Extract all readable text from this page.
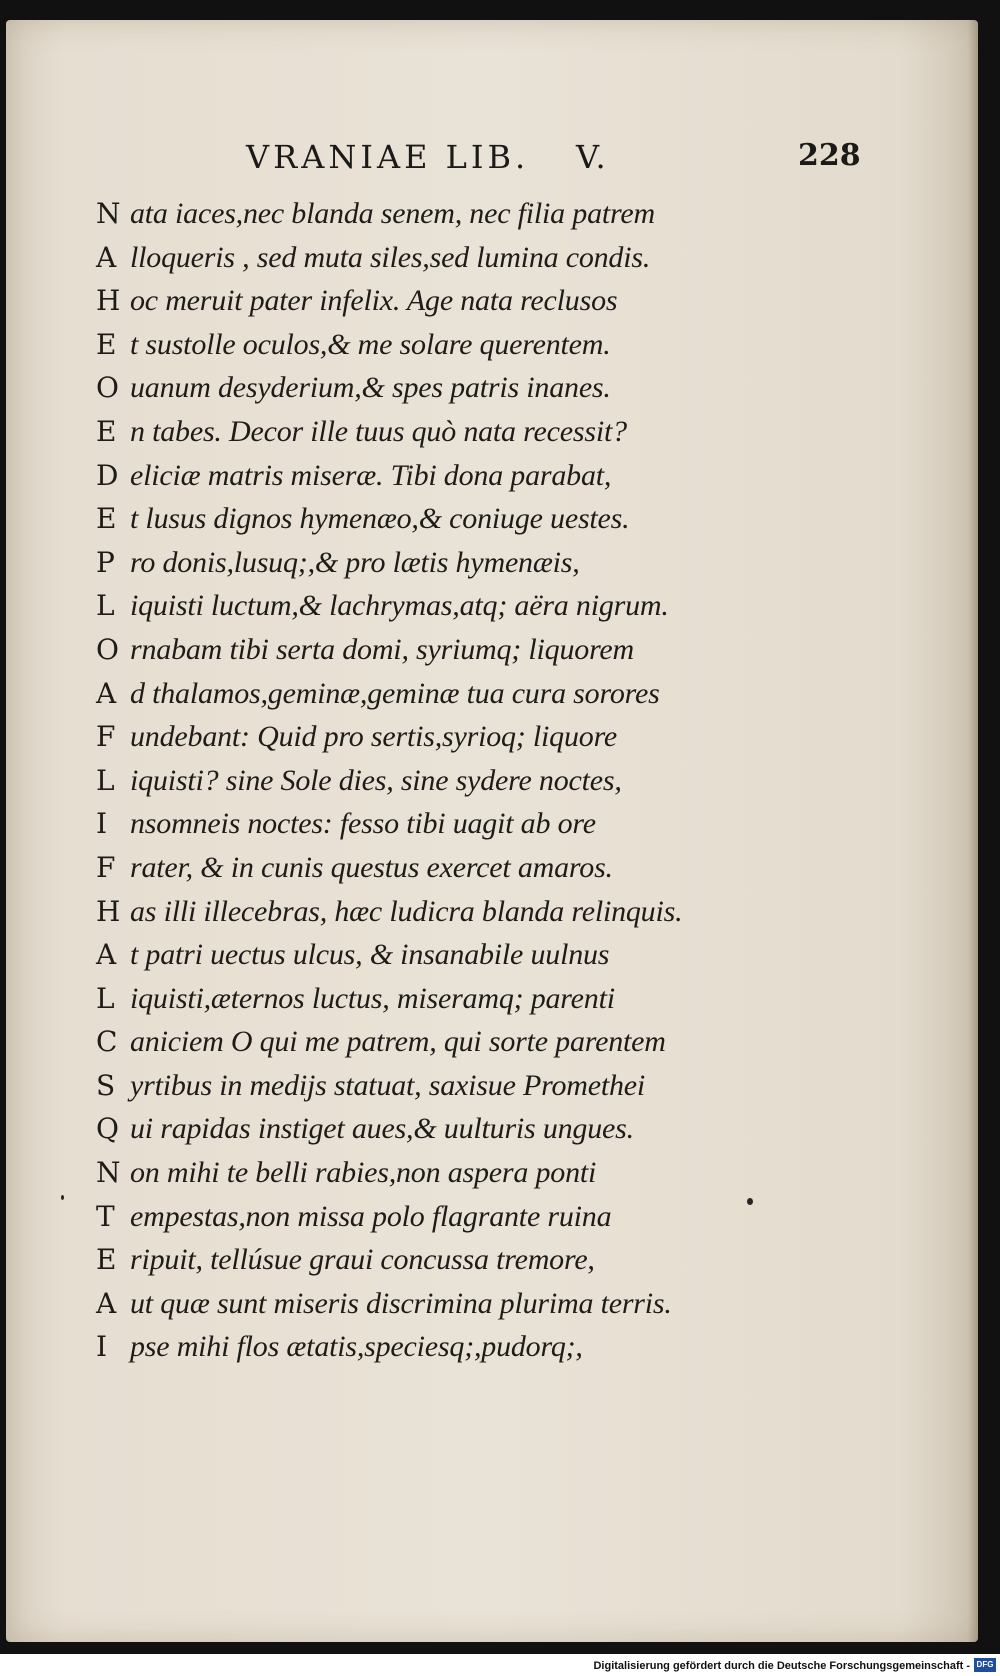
VRANIAE LIB. V.	228
N ata iaces,nec blanda senem, nec filia patrem
A lloqueris , sed muta siles,sed lumina condis.
H oc meruit pater infelix. Age nata reclusos
E t sustolle oculos,& me solare querentem.
O uanum desyderium,& spes patris inanes.
E n tabes. Decor ille tuus quò nata recessit?
D eliciæ matris miseræ. Tibi dona parabat,
E t lusus dignos hymenæo,& coniuge uestes.
P ro donis,lusuq;,& pro lætis hymenæis,
L iquisti luctum,& lachrymas,atq; aëra nigrum.
O rnabam tibi serta domi, syriumq; liquorem
A d thalamos,geminæ,geminæ tua cura sorores
F undebant: Quid pro sertis,syrioq; liquore
L iquisti? sine Sole dies, sine sydere noctes,
I nsomneis noctes: fesso tibi uagit ab ore
F rater, & in cunis questus exercet amaros.
H as illi illecebras, hæc ludicra blanda relinquis.
A t patri uectus ulcus, & insanabile uulnus
L iquisti,æternos luctus, miseramq; parenti
C aniciem O qui me patrem, qui sorte parentem
S yrtibus in medijs statuat, saxisue Promethei
Q ui rapidas instiget aues,& uulturis ungues.
N on mihi te belli rabies,non aspera ponti
T empestas,non missa polo flagrante ruina
E ripuit, tellúsue graui concussa tremore,
A ut quæ sunt miseris discrimina plurima terris.
I pse mihi flos ætatis,speciesq;,pudorq;,
Digitalisierung gefördert durch die Deutsche Forschungsgemeinschaft - DFG
